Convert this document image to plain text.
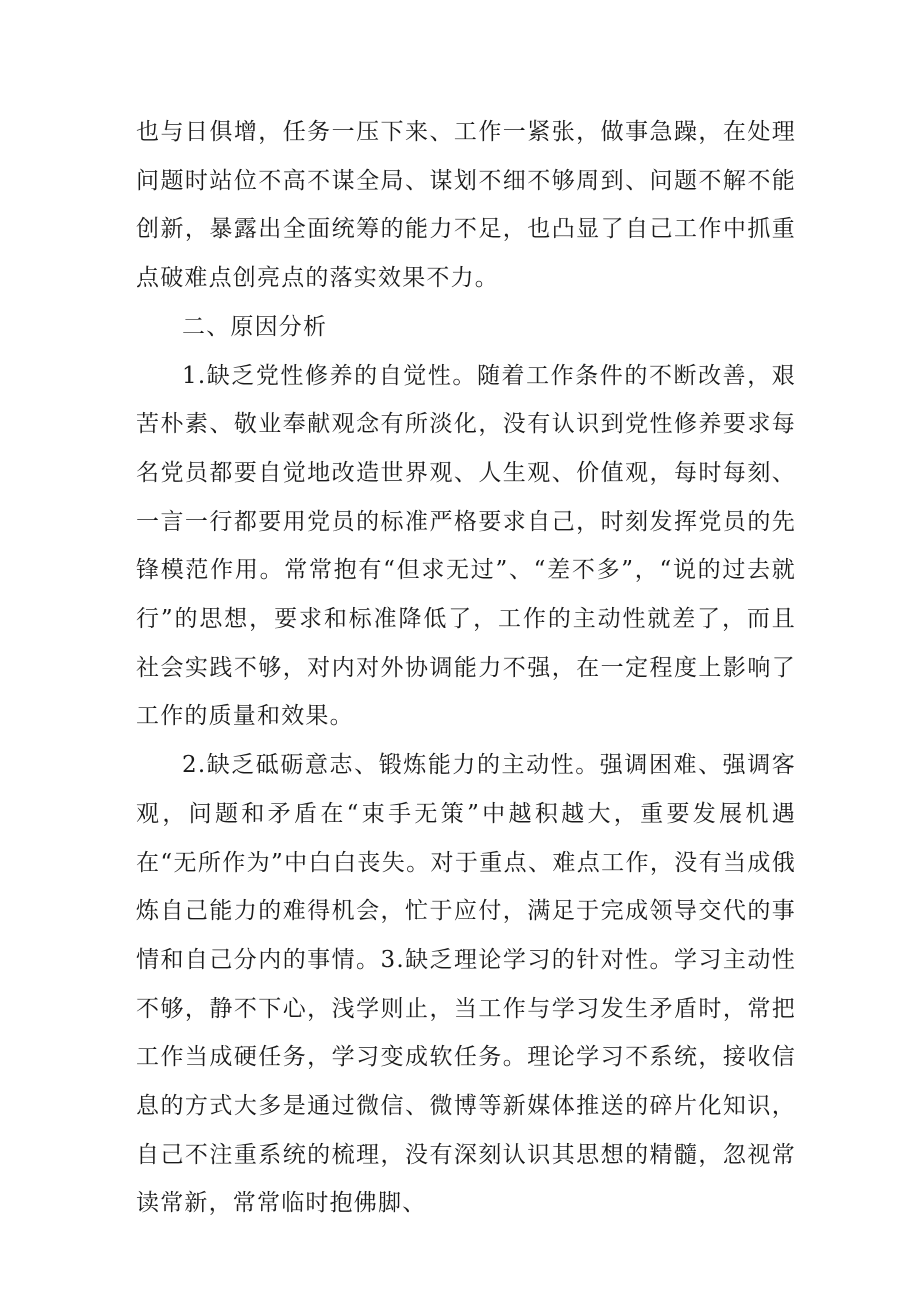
也与日俱增，任务一压下来、工作一紧张，做事急躁，在处理问题时站位不高不谋全局、谋划不细不够周到、问题不解不能创新，暴露出全面统筹的能力不足，也凸显了自己工作中抓重点破难点创亮点的落实效果不力。

二、原因分析

1.缺乏党性修养的自觉性。随着工作条件的不断改善，艰苦朴素、敬业奉献观念有所淡化，没有认识到党性修养要求每名党员都要自觉地改造世界观、人生观、价值观，每时每刻、一言一行都要用党员的标准严格要求自己，时刻发挥党员的先锋模范作用。常常抱有“但求无过”、“差不多”，“说的过去就行”的思想，要求和标准降低了，工作的主动性就差了，而且社会实践不够，对内对外协调能力不强，在一定程度上影响了工作的质量和效果。

2.缺乏砥砺意志、锻炼能力的主动性。强调困难、强调客观，问题和矛盾在“束手无策”中越积越大，重要发展机遇在“无所作为”中白白丧失。对于重点、难点工作，没有当成俄炼自己能力的难得机会，忙于应付，满足于完成领导交代的事情和自己分内的事情。3.缺乏理论学习的针对性。学习主动性不够，静不下心，浅学则止，当工作与学习发生矛盾时，常把工作当成硬任务，学习变成软任务。理论学习不系统，接收信息的方式大多是通过微信、微博等新媒体推送的碎片化知识，自己不注重系统的梳理，没有深刻认识其思想的精髓，忽视常读常新，常常临时抱佛脚、
